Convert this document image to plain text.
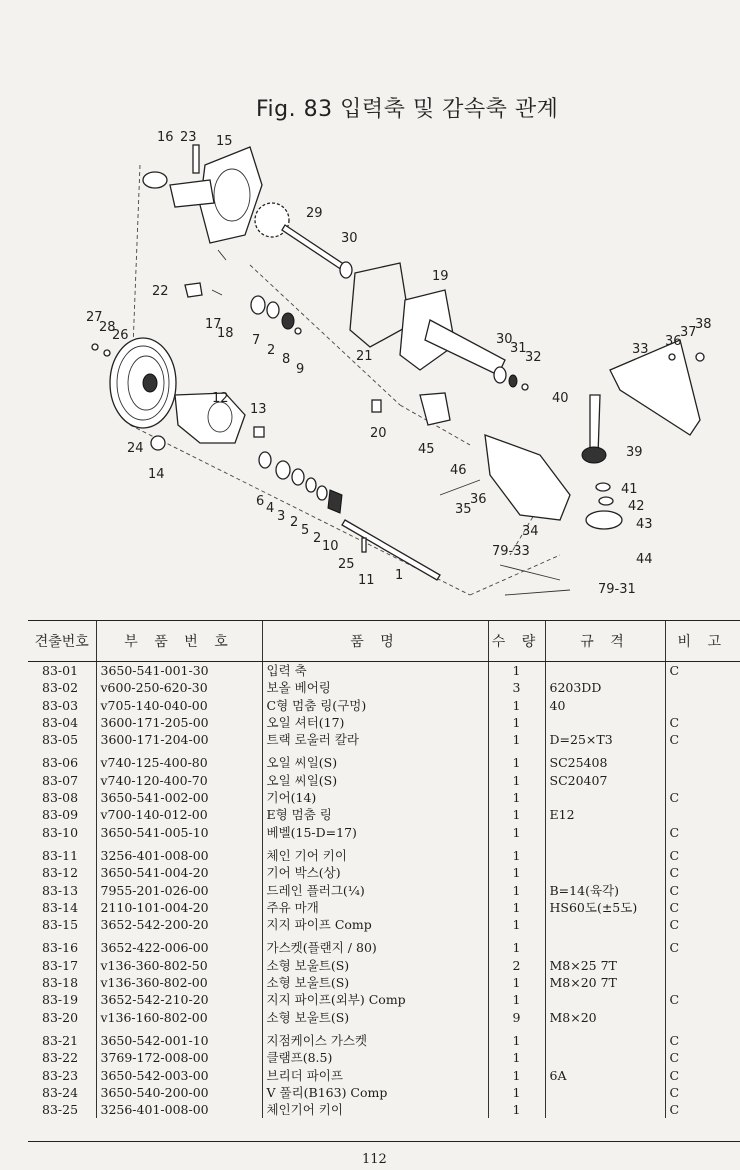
Fig. 83 입력축 및 감속축 관계
16 23 15
29
30
19
22
17
18 7
2
8
9
27
28
26
21
30
31
32
33
36
37
38
12
13
20
40
24
14
45
46
39
41
42
43
6 4
3 2
5
2
10
35
36
34
79-33
25
11 1
44
79-31
견출번호	부 품 번 호	품 명	수 량	규 격	비 고
83-01	3650-541-001-30	입력 축	1		C
83-02	v600-250-620-30	보올 베어링	3	6203DD	
83-03	v705-140-040-00	C형 멈춤 링(구멍)	1	40	
83-04	3600-171-205-00	오일 셔터(17)	1		C
83-05	3600-171-204-00	트랙 로울러 칼라	1	D=25×T3	C
83-06	v740-125-400-80	오일 씨일(S)	1	SC25408	
83-07	v740-120-400-70	오일 씨일(S)	1	SC20407	
83-08	3650-541-002-00	기어(14)	1		C
83-09	v700-140-012-00	E형 멈춤 링	1	E12	
83-10	3650-541-005-10	베벨(15-D=17)	1		C
83-11	3256-401-008-00	체인 기어 키이	1		C
83-12	3650-541-004-20	기어 박스(상)	1		C
83-13	7955-201-026-00	드레인 플러그(¼)	1	B=14(육각)	C
83-14	2110-101-004-20	주유 마개	1	HS60도(±5도)	C
83-15	3652-542-200-20	지지 파이프 Comp	1		C
83-16	3652-422-006-00	가스켓(플랜지 / 80)	1		C
83-17	v136-360-802-50	소형 보울트(S)	2	M8×25 7T	
83-18	v136-360-802-00	소형 보울트(S)	1	M8×20 7T	
83-19	3652-542-210-20	지지 파이프(외부) Comp	1		C
83-20	v136-160-802-00	소형 보울트(S)	9	M8×20	
83-21	3650-542-001-10	지점케이스 가스켓	1		C
83-22	3769-172-008-00	클램프(8.5)	1		C
83-23	3650-542-003-00	브리더 파이프	1	6A	C
83-24	3650-540-200-00	V 풀리(B163) Comp	1		C
83-25	3256-401-008-00	체인기어 키이	1		C
112
